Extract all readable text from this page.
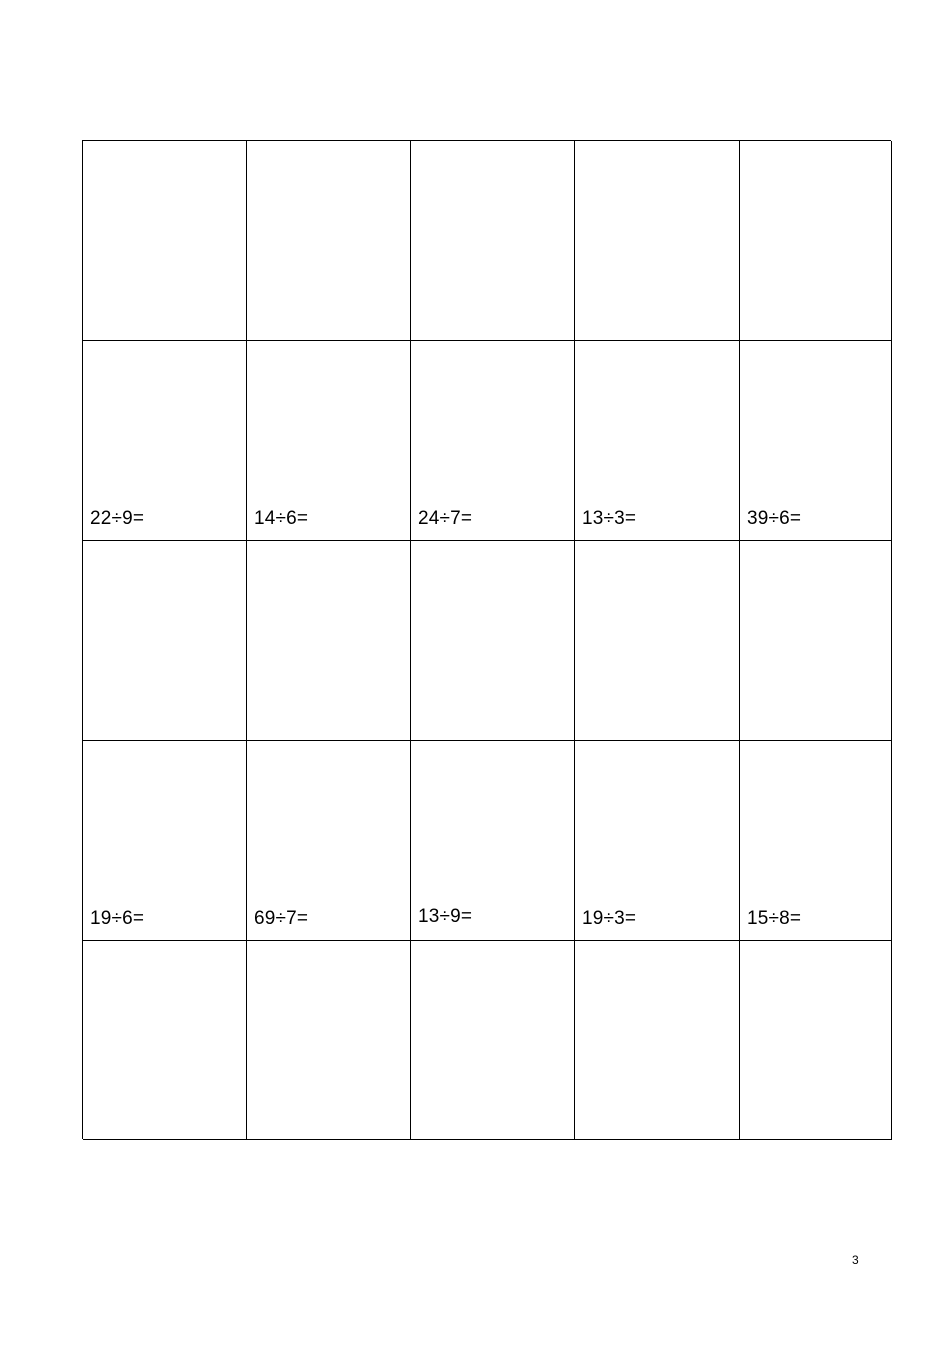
22÷9=	14÷6=	24÷7=	13÷3=	39÷6=
19÷6=	69÷7=	13÷9=	19÷3=	15÷8=
3
